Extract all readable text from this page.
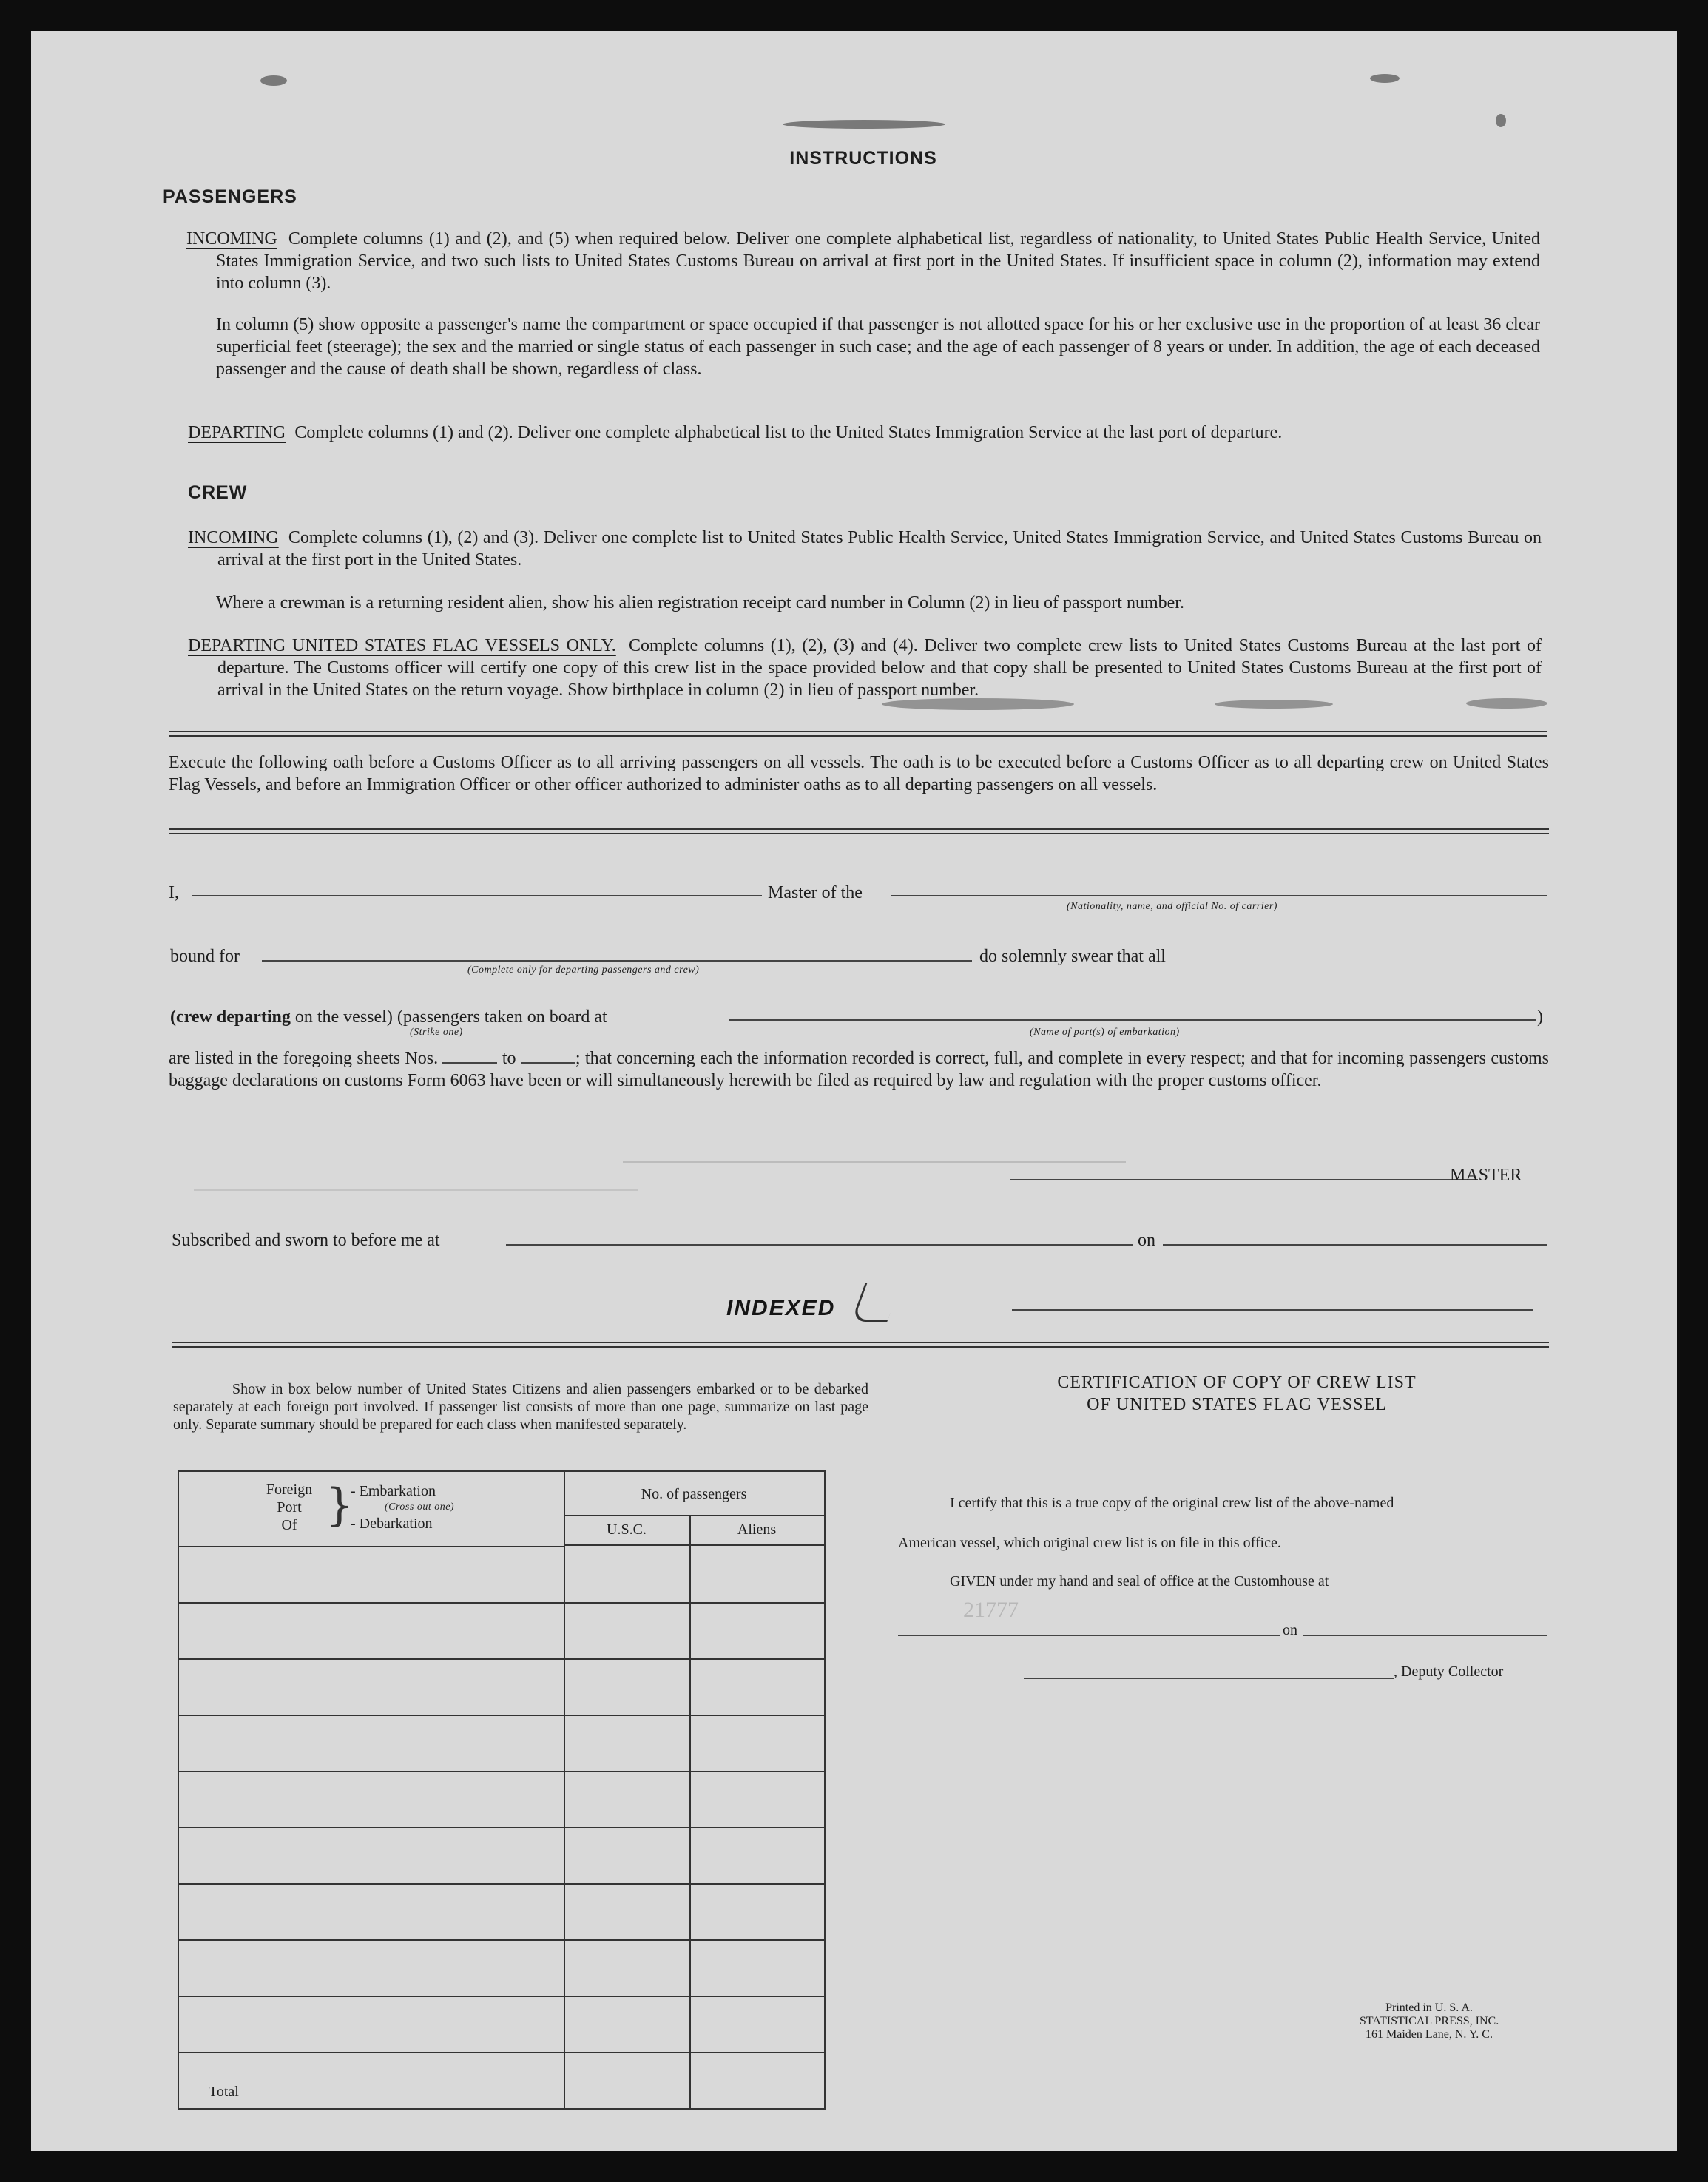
INSTRUCTIONS
PASSENGERS
INCOMING Complete columns (1) and (2), and (5) when required below. Deliver one complete alphabetical list, regardless of nationality, to United States Public Health Service, United States Immigration Service, and two such lists to United States Customs Bureau on arrival at first port in the United States. If insufficient space in column (2), information may extend into column (3).
In column (5) show opposite a passenger's name the compartment or space occupied if that passenger is not allotted space for his or her exclusive use in the proportion of at least 36 clear superficial feet (steerage); the sex and the married or single status of each passenger in such case; and the age of each passenger of 8 years or under. In addition, the age of each deceased passenger and the cause of death shall be shown, regardless of class.
DEPARTING Complete columns (1) and (2). Deliver one complete alphabetical list to the United States Immigration Service at the last port of departure.
CREW
INCOMING Complete columns (1), (2) and (3). Deliver one complete list to United States Public Health Service, United States Immigration Service, and United States Customs Bureau on arrival at the first port in the United States.
Where a crewman is a returning resident alien, show his alien registration receipt card number in Column (2) in lieu of passport number.
DEPARTING UNITED STATES FLAG VESSELS ONLY. Complete columns (1), (2), (3) and (4). Deliver two complete crew lists to United States Customs Bureau at the last port of departure. The Customs officer will certify one copy of this crew list in the space provided below and that copy shall be presented to United States Customs Bureau at the first port of arrival in the United States on the return voyage. Show birthplace in column (2) in lieu of passport number.
Execute the following oath before a Customs Officer as to all arriving passengers on all vessels. The oath is to be executed before a Customs Officer as to all departing crew on United States Flag Vessels, and before an Immigration Officer or other officer authorized to administer oaths as to all departing passengers on all vessels.
I,	Master of the
(Nationality, name, and official No. of carrier)
bound for
(Complete only for departing passengers and crew)
do solemnly swear that all
(crew departing on the vessel) (passengers taken on board at
(Strike one)
)
(Name of port(s) of embarkation)
are listed in the foregoing sheets Nos.	to	; that concerning each the information recorded is correct, full, and complete in every respect; and that for incoming passengers customs baggage declarations on customs Form 6063 have been or will simultaneously herewith be filed as required by law and regulation with the proper customs officer.
MASTER
Subscribed and sworn to before me at	on
INDEXED
Show in box below number of United States Citizens and alien passengers embarked or to be debarked separately at each foreign port involved. If passenger list consists of more than one page, summarize on last page only. Separate summary should be prepared for each class when manifested separately.
Foreign
Port
Of }
- Embarkation
(Cross out one)
- Debarkation
No. of passengers
U.S.C.	Aliens
Total
CERTIFICATION OF COPY OF CREW LIST
OF UNITED STATES FLAG VESSEL
I certify that this is a true copy of the original crew list of the above-named
American vessel, which original crew list is on file in this office.
GIVEN under my hand and seal of office at the Customhouse at
21777
on
, Deputy Collector
Printed in U. S. A.
STATISTICAL PRESS, INC.
161 Maiden Lane, N. Y. C.
